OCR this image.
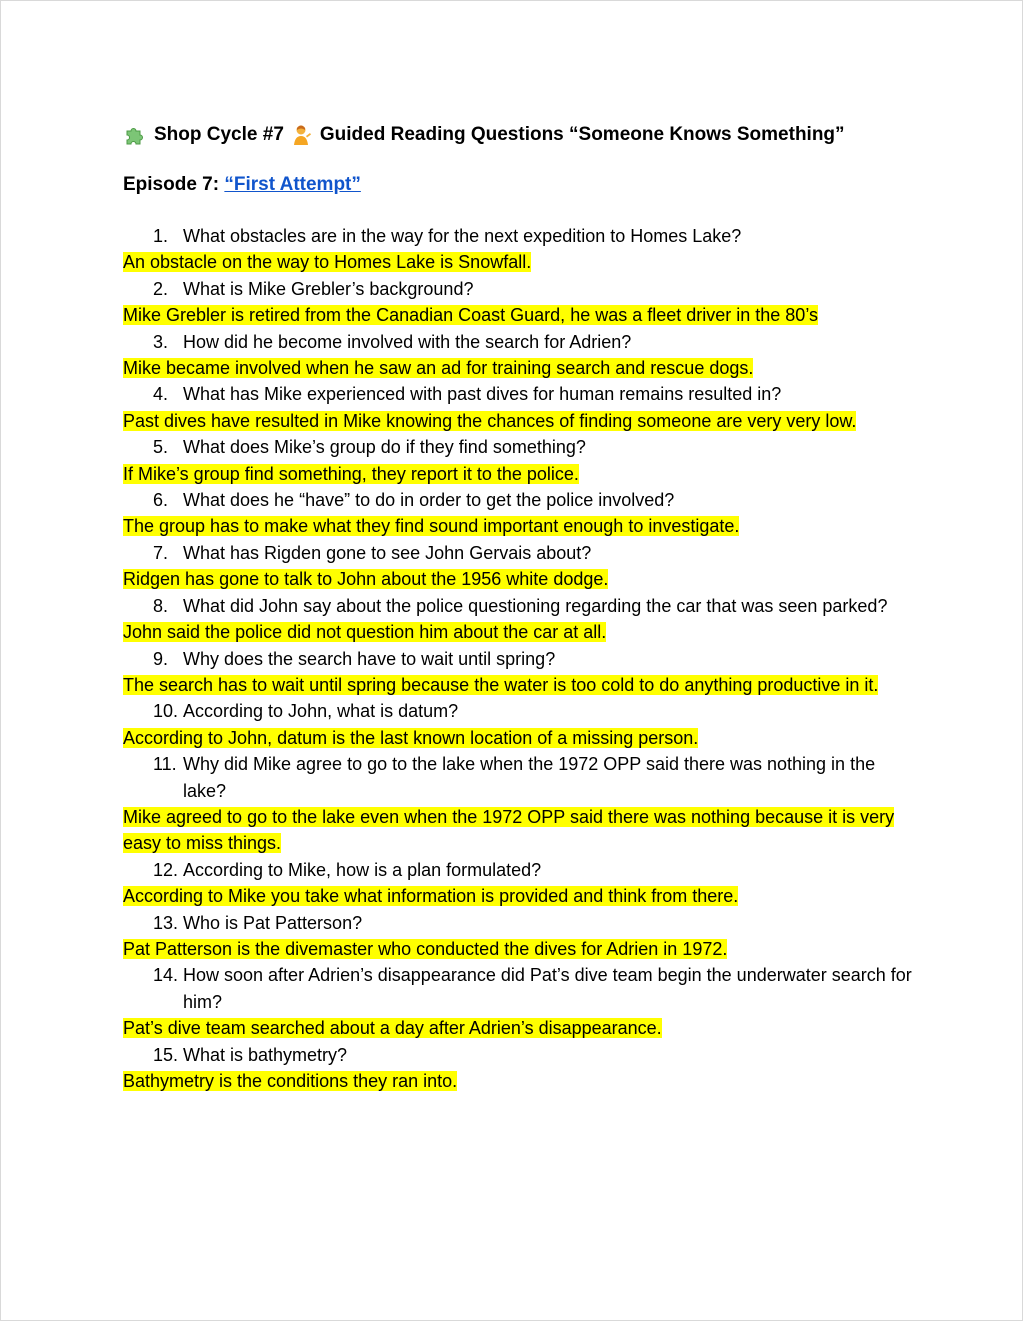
Shop Cycle #7 Guided Reading Questions “Someone Knows Something”
Episode 7: “First Attempt”
1. What obstacles are in the way for the next expedition to Homes Lake?
An obstacle on the way to Homes Lake is Snowfall.
2. What is Mike Grebler’s background?
Mike Grebler is retired from the Canadian Coast Guard, he was a fleet driver in the 80’s
3. How did he become involved with the search for Adrien?
Mike became involved when he saw an ad for training search and rescue dogs.
4. What has Mike experienced with past dives for human remains resulted in?
Past dives have resulted in Mike knowing the chances of finding someone are very very low.
5. What does Mike’s group do if they find something?
If Mike’s group find something, they report it to the police.
6. What does he “have” to do in order to get the police involved?
The group has to make what they find sound important enough to investigate.
7. What has Rigden gone to see John Gervais about?
Ridgen has gone to talk to John about the 1956 white dodge.
8. What did John say about the police questioning regarding the car that was seen parked?
John said the police did not question him about the car at all.
9. Why does the search have to wait until spring?
The search has to wait until spring because the water is too cold to do anything productive in it.
10. According to John, what is datum?
According to John, datum is the last known location of a missing person.
11. Why did Mike agree to go to the lake when the 1972 OPP said there was nothing in the lake?
Mike agreed to go to the lake even when the 1972 OPP said there was nothing because it is very easy to miss things.
12. According to Mike, how is a plan formulated?
According to Mike you take what information is provided and think from there.
13. Who is Pat Patterson?
Pat Patterson is the divemaster who conducted the dives for Adrien in 1972.
14. How soon after Adrien’s disappearance did Pat’s dive team begin the underwater search for him?
Pat’s dive team searched about a day after Adrien’s disappearance.
15. What is bathymetry?
Bathymetry is the conditions they ran into.
